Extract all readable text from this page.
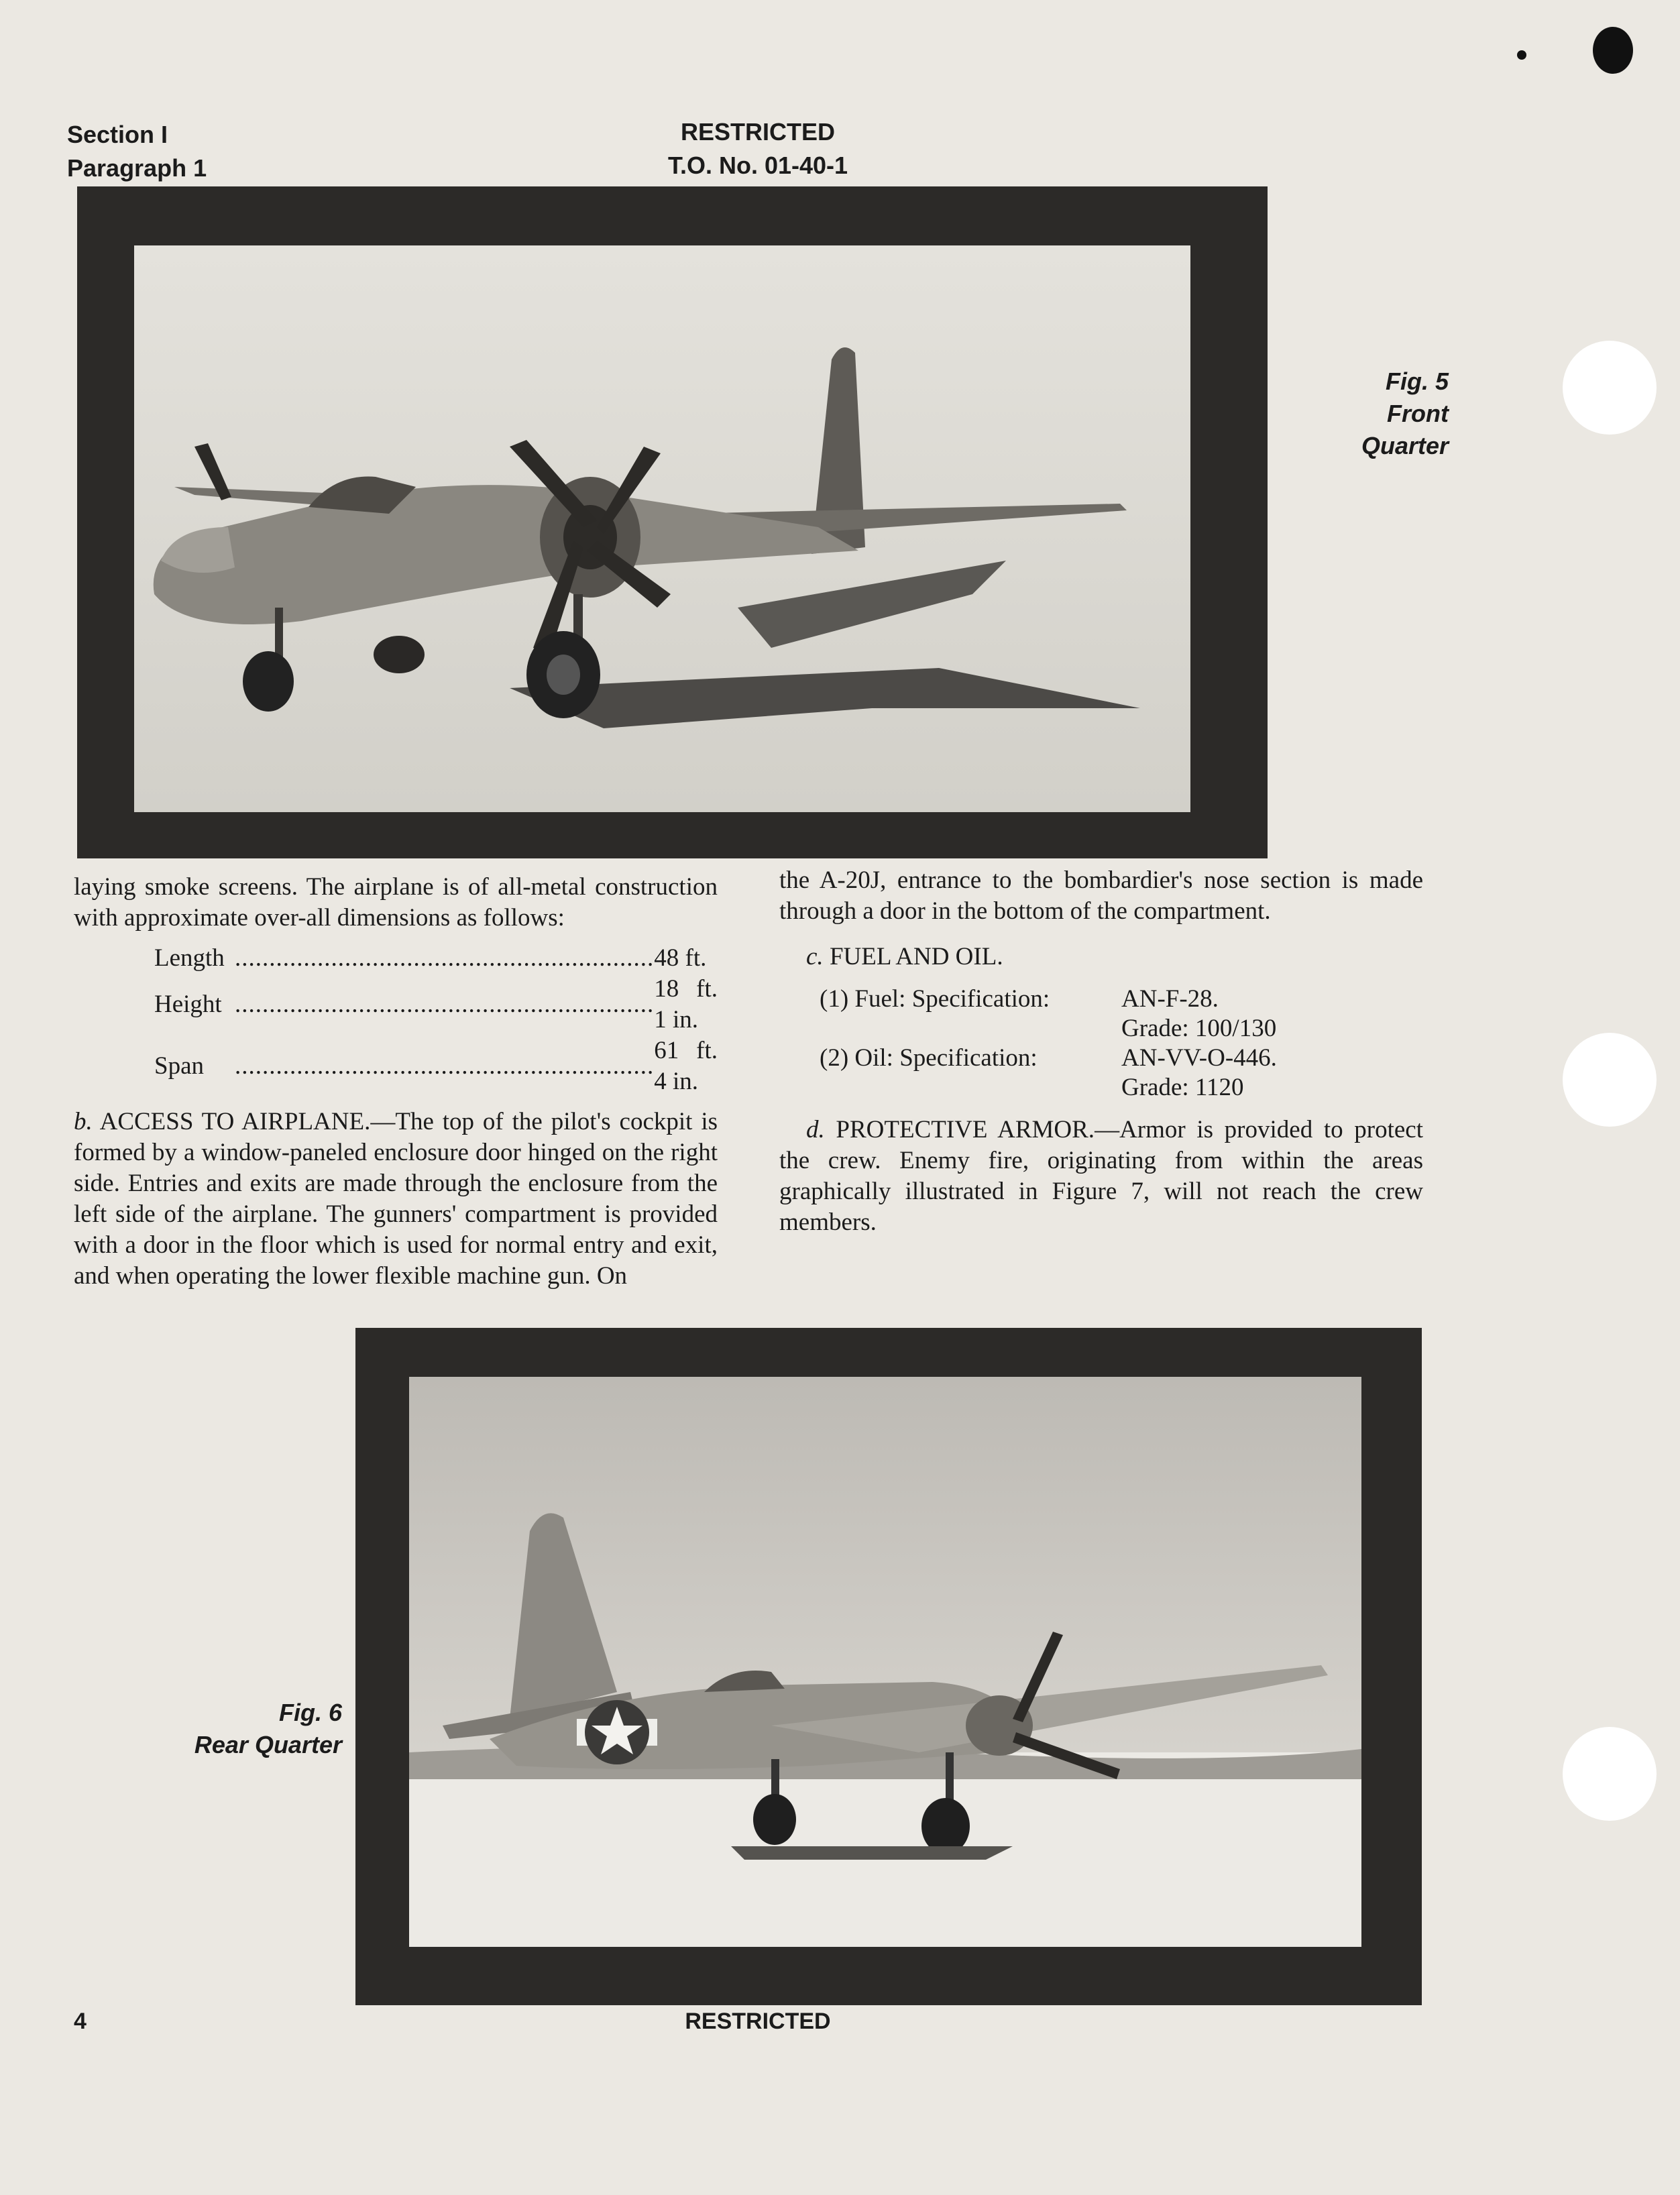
Section I
Paragraph 1
RESTRICTED
T.O. No. 01-40-1
Fig. 5
Front
Quarter

laying smoke screens. The airplane is of all-metal construction with approximate over-all dimensions as follows:

Length	.............................................................	48 ft.
Height	.............................................................	18 ft. 1 in.
Span	.............................................................	61 ft. 4 in.

b. ACCESS TO AIRPLANE.—The top of the pilot's cockpit is formed by a window-paneled enclosure door hinged on the right side. Entries and exits are made through the enclosure from the left side of the airplane. The gunners' compartment is provided with a door in the floor which is used for normal entry and exit, and when operating the lower flexible machine gun. On

the A-20J, entrance to the bombardier's nose section is made through a door in the bottom of the compartment.

c. FUEL AND OIL.

(1) Fuel: Specification:	AN-F-28.
Grade: 100/130

(2) Oil: Specification:	AN-VV-O-446.
Grade: 1120

d. PROTECTIVE ARMOR.—Armor is provided to protect the crew. Enemy fire, originating from within the areas graphically illustrated in Figure 7, will not reach the crew members.

Fig. 6
Rear Quarter
4	RESTRICTED
